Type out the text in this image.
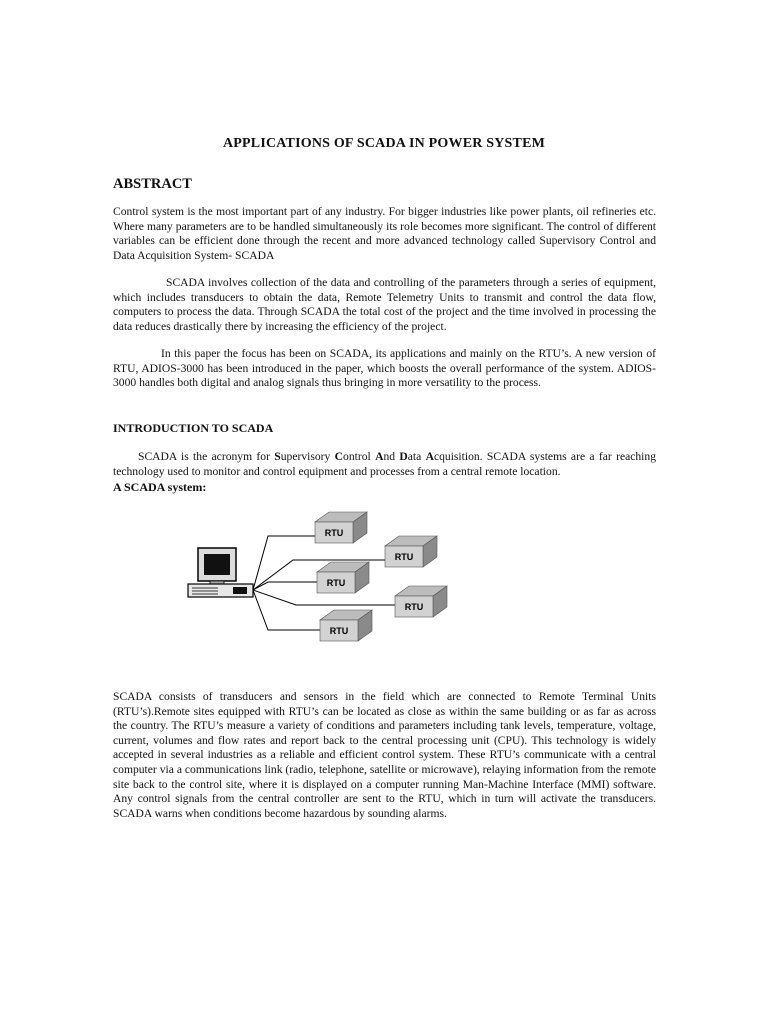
APPLICATIONS OF SCADA IN POWER SYSTEM
ABSTRACT

Control system is the most important part of any industry. For bigger industries like power plants, oil refineries etc. Where many parameters are to be handled simultaneously its role becomes more significant. The control of different variables can be efficient done through the recent and more advanced technology called Supervisory Control and Data Acquisition System- SCADA

SCADA involves collection of the data and controlling of the parameters through a series of equipment, which includes transducers to obtain the data, Remote Telemetry Units to transmit and control the data flow, computers to process the data. Through SCADA the total cost of the project and the time involved in processing the data reduces drastically there by increasing the efficiency of the project.

In this paper the focus has been on SCADA, its applications and mainly on the RTU’s. A new version of RTU, ADIOS-3000 has been introduced in the paper, which boosts the overall performance of the system. ADIOS-3000 handles both digital and analog signals thus bringing in more versatility to the process.

INTRODUCTION TO SCADA

SCADA is the acronym for Supervisory Control And Data Acquisition. SCADA systems are a far reaching technology used to monitor and control equipment and processes from a central remote location.

A SCADA system:
RTU
RTU
RTU
RTU
RTU

SCADA consists of transducers and sensors in the field which are connected to Remote Terminal Units (RTU’s).Remote sites equipped with RTU’s can be located as close as within the same building or as far as across the country. The RTU’s measure a variety of conditions and parameters including tank levels, temperature, voltage, current, volumes and flow rates and report back to the central processing unit (CPU). This technology is widely accepted in several industries as a reliable and efficient control system. These RTU’s communicate with a central computer via a communications link (radio, telephone, satellite or microwave), relaying information from the remote site back to the control site, where it is displayed on a computer running Man-Machine Interface (MMI) software. Any control signals from the central controller are sent to the RTU, which in turn will activate the transducers. SCADA warns when conditions become hazardous by sounding alarms.
